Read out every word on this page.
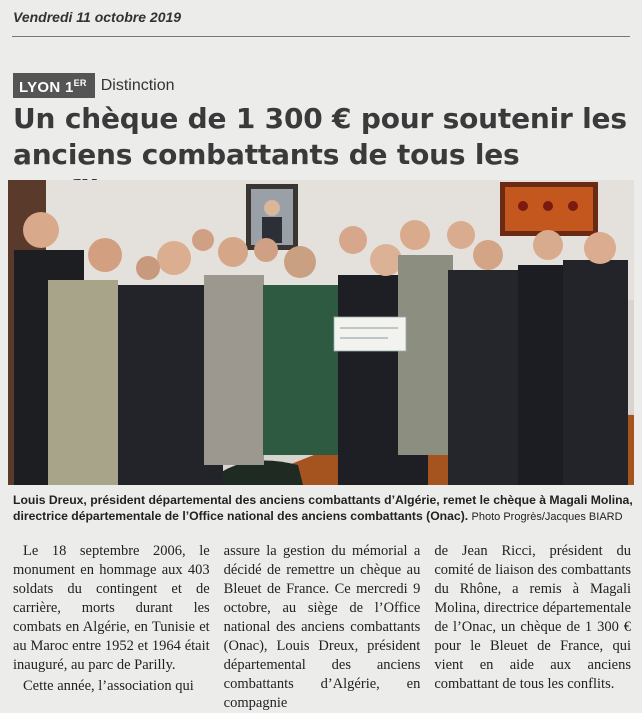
Vendredi 11 octobre 2019
LYON 1ER Distinction
Un chèque de 1 300 € pour soutenir les anciens combattants de tous les
Louis Dreux, président départemental des anciens combattants d’Algérie, remet le chèque à Magali Molina, directrice départementale de l’Office national des anciens combattants (Onac). Photo Progrès/Jacques BIARD

Le 18 septembre 2006, le monument en hommage aux 403 soldats du contingent et de carrière, morts durant les combats en Algérie, en Tunisie et au Maroc entre 1952 et 1964 était inauguré, au parc de Parilly.

Cette année, l’association qui

assure la gestion du mémorial a décidé de remettre un chèque au Bleuet de France. Ce mercredi 9 octobre, au siège de l’Office national des anciens combattants (Onac), Louis Dreux, président départemental des anciens combattants d’Algérie, en compagnie

de Jean Ricci, président du comité de liaison des combattants du Rhône, a remis à Magali Molina, directrice départementale de l’Onac, un chèque de 1 300 € pour le Bleuet de France, qui vient en aide aux anciens combattant de tous les conflits.
